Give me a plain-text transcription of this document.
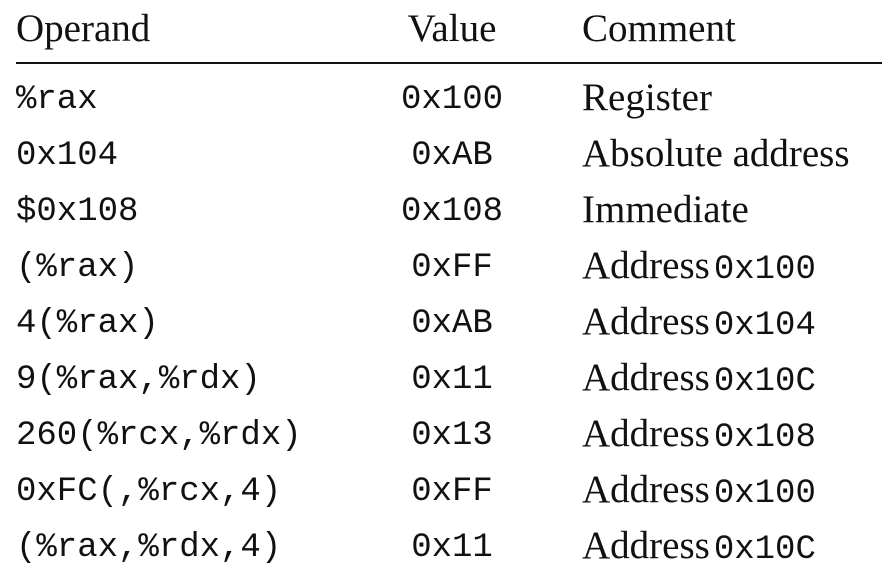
Operand	Value	Comment
%rax	0x100	Register
0x104	0xAB	Absolute address
$0x108	0x108	Immediate
(%rax)	0xFF	Address 0x100
4(%rax)	0xAB	Address 0x104
9(%rax,%rdx)	0x11	Address 0x10C
260(%rcx,%rdx)	0x13	Address 0x108
0xFC(,%rcx,4)	0xFF	Address 0x100
(%rax,%rdx,4)	0x11	Address 0x10C
